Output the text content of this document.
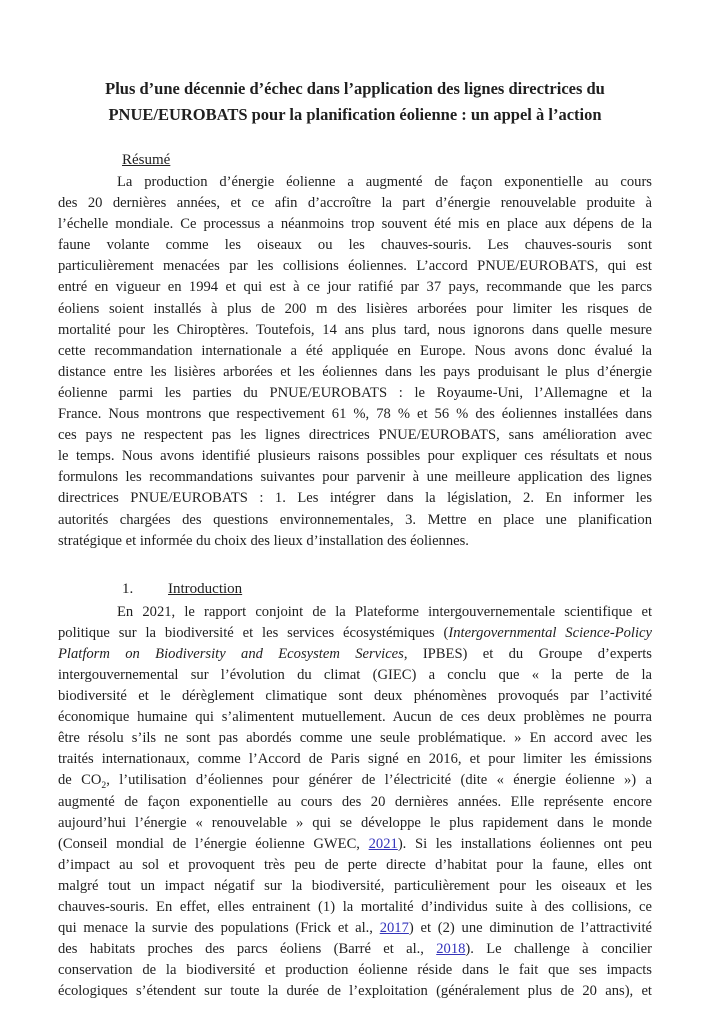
Plus d’une décennie d’échec dans l’application des lignes directrices du
PNUE/EUROBATS pour la planification éolienne : un appel à l’action
Résumé
La production d’énergie éolienne a augmenté de façon exponentielle au cours
des 20 dernières années, et ce afin d’accroître la part d’énergie renouvelable produite à
l’échelle mondiale. Ce processus a néanmoins trop souvent été mis en place aux dépens de la
faune volante comme les oiseaux ou les chauves-souris. Les chauves-souris sont
particulièrement menacées par les collisions éoliennes. L’accord PNUE/EUROBATS, qui est
entré en vigueur en 1994 et qui est à ce jour ratifié par 37 pays, recommande que les parcs
éoliens soient installés à plus de 200 m des lisières arborées pour limiter les risques de
mortalité pour les Chiroptères. Toutefois, 14 ans plus tard, nous ignorons dans quelle mesure
cette recommandation internationale a été appliquée en Europe. Nous avons donc évalué la
distance entre les lisières arborées et les éoliennes dans les pays produisant le plus d’énergie
éolienne parmi les parties du PNUE/EUROBATS : le Royaume-Uni, l’Allemagne et la
France. Nous montrons que respectivement 61 %, 78 % et 56 % des éoliennes installées dans
ces pays ne respectent pas les lignes directrices PNUE/EUROBATS, sans amélioration avec
le temps. Nous avons identifié plusieurs raisons possibles pour expliquer ces résultats et nous
formulons les recommandations suivantes pour parvenir à une meilleure application des lignes
directrices PNUE/EUROBATS : 1. Les intégrer dans la législation, 2. En informer les
autorités chargées des questions environnementales, 3. Mettre en place une planification
stratégique et informée du choix des lieux d’installation des éoliennes.
1. Introduction
En 2021, le rapport conjoint de la Plateforme intergouvernementale scientifique et
politique sur la biodiversité et les services écosystémiques (Intergovernmental Science-Policy
Platform on Biodiversity and Ecosystem Services, IPBES) et du Groupe d’experts
intergouvernemental sur l’évolution du climat (GIEC) a conclu que « la perte de la
biodiversité et le dérèglement climatique sont deux phénomènes provoqués par l’activité
économique humaine qui s’alimentent mutuellement. Aucun de ces deux problèmes ne pourra
être résolu s’ils ne sont pas abordés comme une seule problématique. » En accord avec les
traités internationaux, comme l’Accord de Paris signé en 2016, et pour limiter les émissions
de $CO_2$, l’utilisation d’éoliennes pour générer de l’électricité (dite « énergie éolienne ») a
augmenté de façon exponentielle au cours des 20 dernières années. Elle représente encore
aujourd’hui l’énergie « renouvelable » qui se développe le plus rapidement dans le monde
(Conseil mondial de l’énergie éolienne GWEC, 2021). Si les installations éoliennes ont peu
d’impact au sol et provoquent très peu de perte directe d’habitat pour la faune, elles ont
malgré tout un impact négatif sur la biodiversité, particulièrement pour les oiseaux et les
chauves-souris. En effet, elles entrainent (1) la mortalité d’individus suite à des collisions, ce
qui menace la survie des populations (Frick et al., 2017) et (2) une diminution de l’attractivité
des habitats proches des parcs éoliens (Barré et al., 2018). Le challenge à concilier
conservation de la biodiversité et production éolienne réside dans le fait que ses impacts
écologiques s’étendent sur toute la durée de l’exploitation (généralement plus de 20 ans), et
